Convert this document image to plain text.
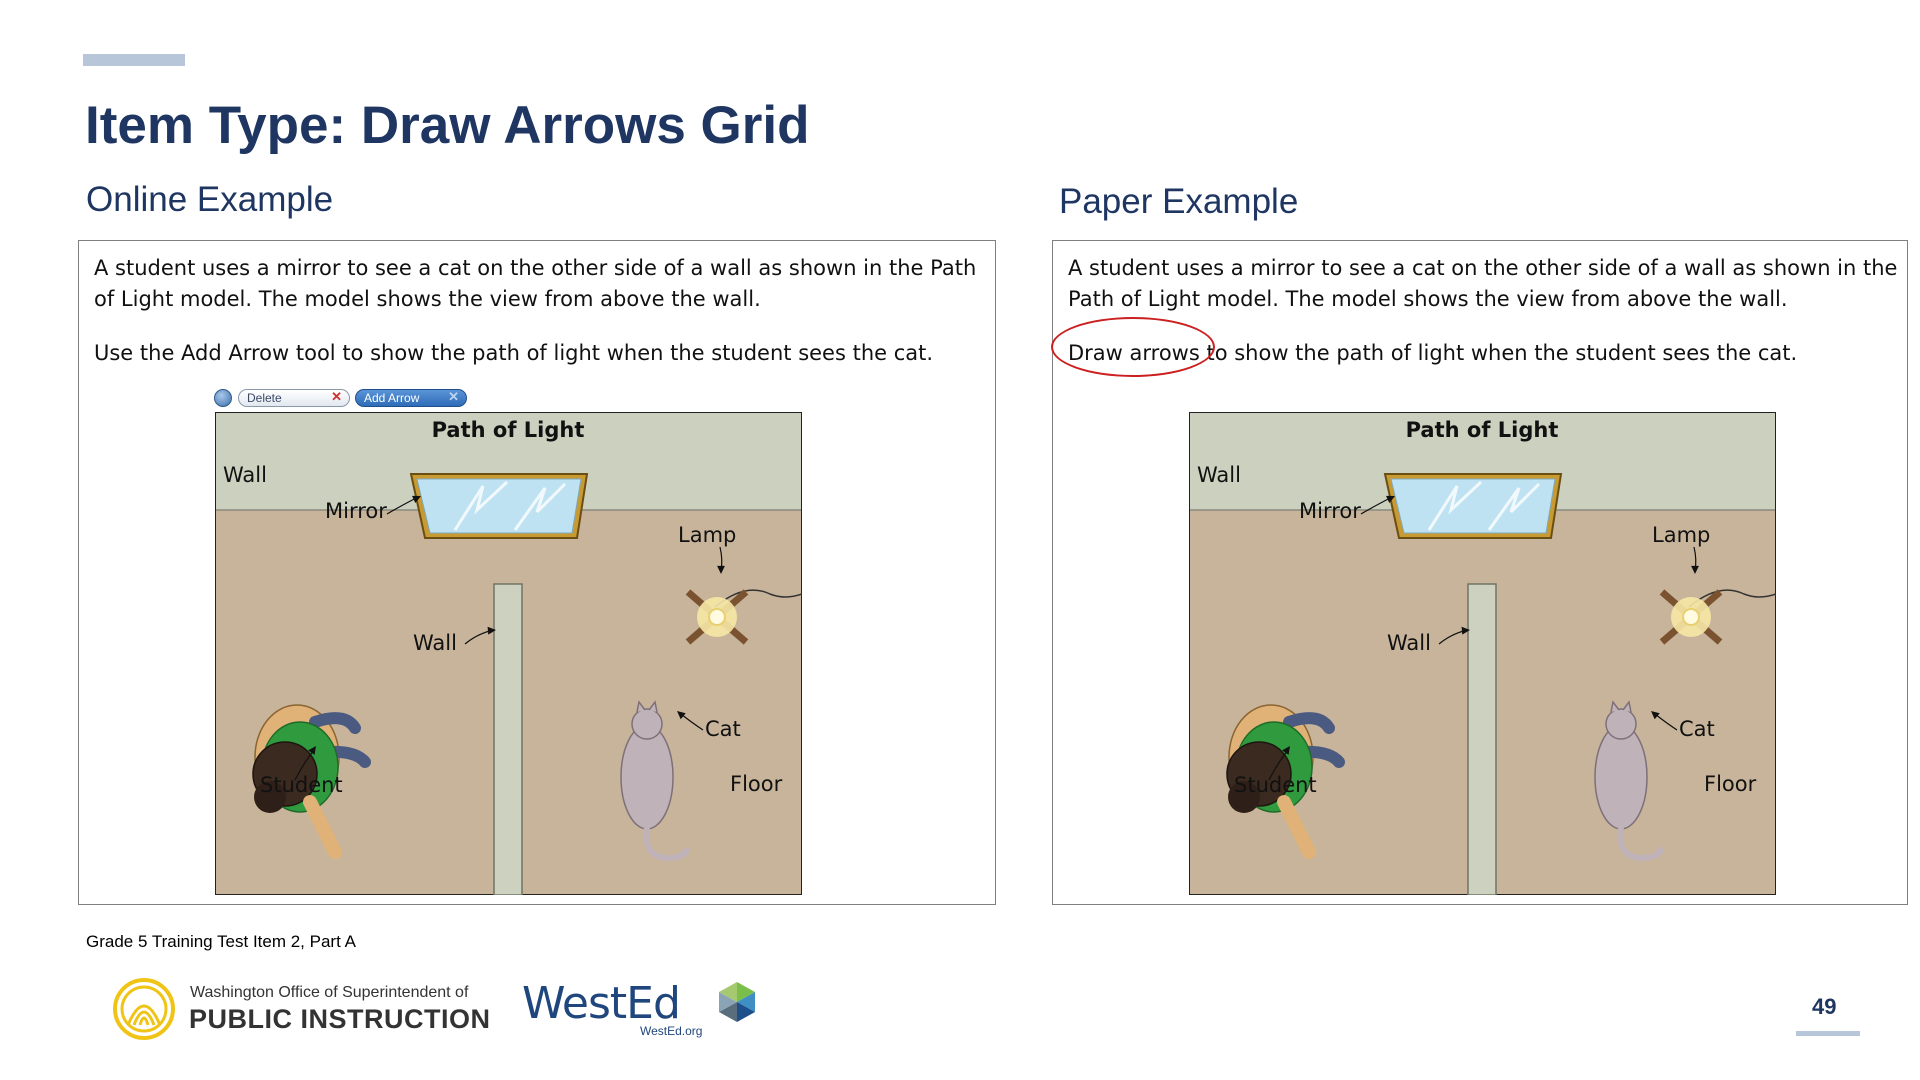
Item Type: Draw Arrows Grid
Online Example	Paper Example

A student uses a mirror to see a cat on the other side of a wall as shown in the Path of Light model. The model shows the view from above the wall.

Use the Add Arrow tool to show the path of light when the student sees the cat.

Delete	✕	Add Arrow ✕
Path of Light
Wall
Mirror
Lamp
Wall
Cat
Student	Floor

A student uses a mirror to see a cat on the other side of a wall as shown in the Path of Light model. The model shows the view from above the wall.

Draw arrows to show the path of light when the student sees the cat.

Path of Light
Wall
Mirror
Lamp
Wall
Cat
Student	Floor
Grade 5 Training Test Item 2, Part A
Washington Office of Superintendent of
PUBLIC INSTRUCTION WestEd
WestEd.org
49
